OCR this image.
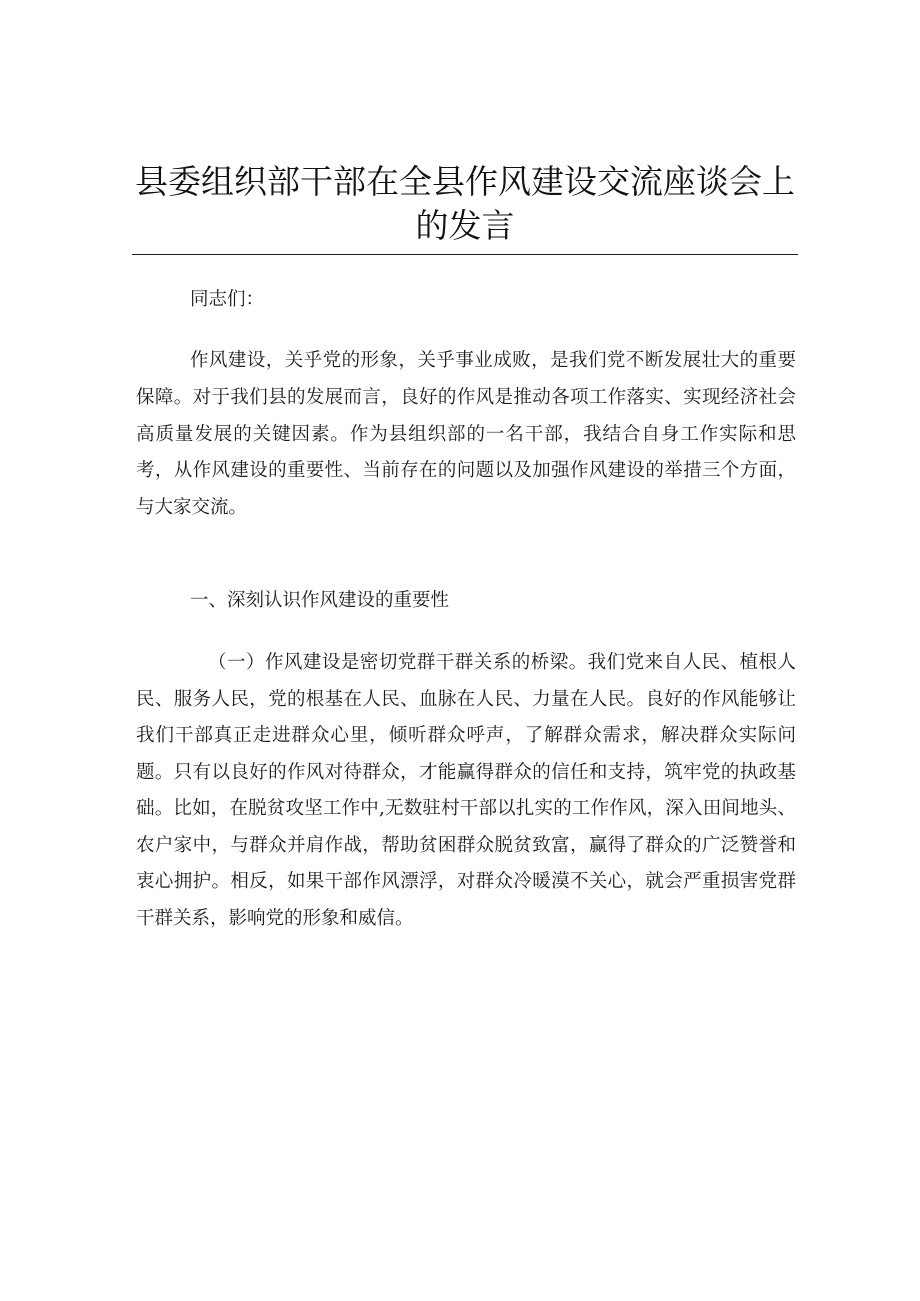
县委组织部干部在全县作风建设交流座谈会上
的发言

同志们：

作风建设，关乎党的形象，关乎事业成败，是我们党不断发展壮大的重要保障。对于我们县的发展而言，良好的作风是推动各项工作落实、实现经济社会高质量发展的关键因素。作为县组织部的一名干部，我结合自身工作实际和思考，从作风建设的重要性、当前存在的问题以及加强作风建设的举措三个方面，与大家交流。

一、深刻认识作风建设的重要性

（一）作风建设是密切党群干群关系的桥梁。我们党来自人民、植根人民、服务人民，党的根基在人民、血脉在人民、力量在人民。良好的作风能够让我们干部真正走进群众心里，倾听群众呼声，了解群众需求，解决群众实际问题。只有以良好的作风对待群众，才能赢得群众的信任和支持，筑牢党的执政基础。比如，在脱贫攻坚工作中,无数驻村干部以扎实的工作作风，深入田间地头、农户家中，与群众并肩作战，帮助贫困群众脱贫致富，赢得了群众的广泛赞誉和衷心拥护。相反，如果干部作风漂浮，对群众冷暖漠不关心，就会严重损害党群干群关系，影响党的形象和威信。
